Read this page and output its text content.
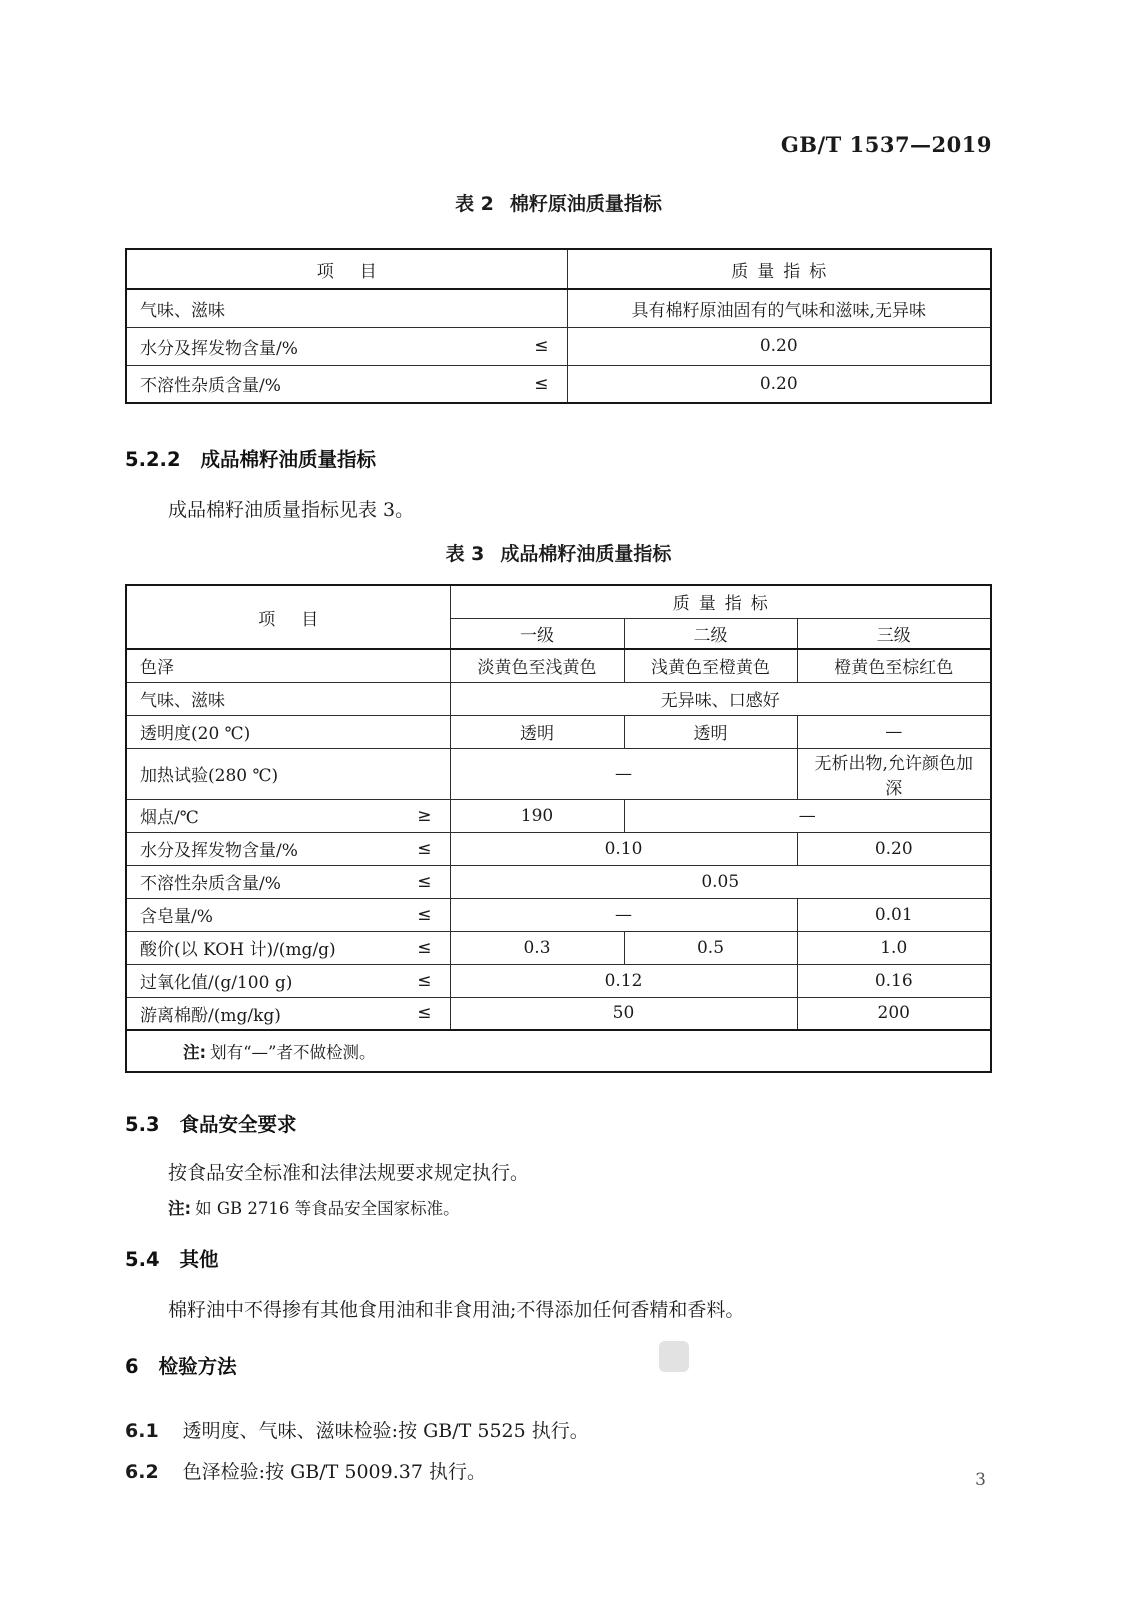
GB/T 1537—2019
表 2 棉籽原油质量指标
项目	质量指标

气味、滋味	具有棉籽原油固有的气味和滋味,无异味

水分及挥发物含量/% ≤	0.20

不溶性杂质含量/% ≤	0.20
5.2.2 成品棉籽油质量指标
成品棉籽油质量指标见表 3。
表 3 成品棉籽油质量指标
项目	质量指标		
	一级	二级	三级

色泽	淡黄色至浅黄色	浅黄色至橙黄色	橙黄色至棕红色

气味、滋味	无异味、口感好		

透明度(20 ℃)	透明	透明	—

加热试验(280 ℃)	—		无析出物,允许颜色加深

烟点/℃ ≥	190	—	

水分及挥发物含量/% ≤	0.10		0.20

不溶性杂质含量/% ≤	0.05		

含皂量/% ≤	—		0.01

酸价(以 KOH 计)/(mg/g) ≤	0.3	0.5	1.0

过氧化值/(g/100 g) ≤	0.12		0.16

游离棉酚/(mg/kg) ≤	50		200
注: 划有“—”者不做检测。			
5.3 食品安全要求
按食品安全标准和法律法规要求规定执行。
注: 如 GB 2716 等食品安全国家标准。
5.4 其他
棉籽油中不得掺有其他食用油和非食用油;不得添加任何香精和香料。
6 检验方法
6.1 透明度、气味、滋味检验:按 GB/T 5525 执行。
6.2 色泽检验:按 GB/T 5009.37 执行。	3
